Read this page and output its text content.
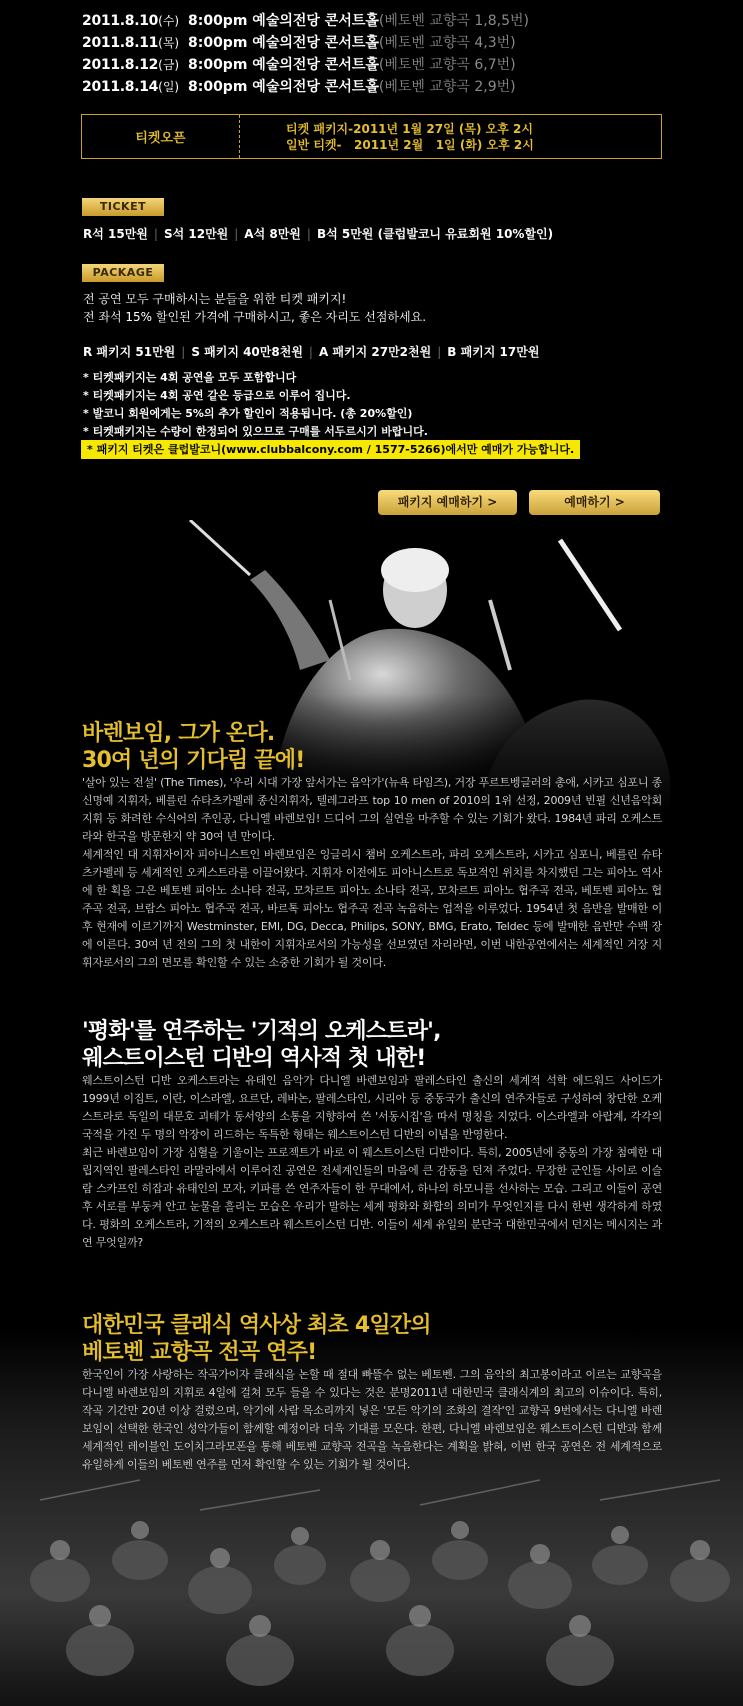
2011.8.10(수) 8:00pm 예술의전당 콘서트홀(베토벤 교향곡 1,8,5번)
2011.8.11(목) 8:00pm 예술의전당 콘서트홀(베토벤 교향곡 4,3번)
2011.8.12(금) 8:00pm 예술의전당 콘서트홀(베토벤 교향곡 6,7번)
2011.8.14(일) 8:00pm 예술의전당 콘서트홀(베토벤 교향곡 2,9번)
티켓오픈
티켓 패키지-2011년 1월 27일 (목) 오후 2시
일반 티켓-   2011년 2월   1일 (화) 오후 2시
TICKET
R석 15만원 | S석 12만원 | A석 8만원 | B석 5만원 (클럽발코니 유료회원 10%할인)
PACKAGE
전 공연 모두 구매하시는 분들을 위한 티켓 패키지!
전 좌석 15% 할인된 가격에 구매하시고, 좋은 자리도 선점하세요.
R 패키지 51만원 | S 패키지 40만8천원 | A 패키지 27만2천원 | B 패키지 17만원
* 티켓패키지는 4회 공연을 모두 포함합니다
* 티켓패키지는 4회 공연 같은 등급으로 이루어 집니다.
* 발코니 회원에게는 5%의 추가 할인이 적용됩니다. (총 20%할인)
* 티켓패키지는 수량이 한정되어 있으므로 구매를 서두르시기 바랍니다.
* 패키지 티켓은 클럽발코니(www.clubbalcony.com / 1577-5266)에서만 예매가 가능합니다.
패키지 예매하기 >	예매하기 >
바렌보임, 그가 온다.
30여 년의 기다림 끝에!

'살아 있는 전설' (The Times), '우리 시대 가장 앞서가는 음악가'(뉴욕 타임즈), 거장 푸르트벵글러의 총애, 시카고 심포니 종신명예 지휘자, 베를린 슈타츠카펠레 종신지휘자, 텔레그라프 top 10 men of 2010의 1위 선정, 2009년 빈필 신년음악회 지휘 등 화려한 수식어의 주인공, 다니엘 바렌보임! 드디어 그의 실연을 마주할 수 있는 기회가 왔다. 1984년 파리 오케스트라와 한국을 방문한지 약 30여 년 만이다.

세계적인 대 지휘자이자 피아니스트인 바렌보임은 잉글리시 챔버 오케스트라, 파리 오케스트라, 시카고 심포니, 베를린 슈타츠카펠레 등 세계적인 오케스트라를 이끌어왔다. 지휘자 이전에도 피아니스트로 독보적인 위치를 차지했던 그는 피아노 역사에 한 획을 그은 베토벤 피아노 소나타 전곡, 모차르트 피아노 소나타 전곡, 모차르트 피아노 협주곡 전곡, 베토벤 피아노 협주곡 전곡, 브람스 피아노 협주곡 전곡, 바르톡 피아노 협주곡 전곡 녹음하는 업적을 이루었다. 1954년 첫 음반을 발매한 이후 현재에 이르기까지 Westminster, EMI, DG, Decca, Philips, SONY, BMG, Erato, Teldec 등에 발매한 음반만 수백 장에 이른다. 30여 년 전의 그의 첫 내한이 지휘자로서의 가능성을 선보였던 자리라면, 이번 내한공연에서는 세계적인 거장 지휘자로서의 그의 면모를 확인할 수 있는 소중한 기회가 될 것이다.

'평화'를 연주하는 '기적의 오케스트라',
웨스트이스턴 디반의 역사적 첫 내한!

웨스트이스턴 디반 오케스트라는 유태인 음악가 다니엘 바렌보임과 팔레스타인 출신의 세계적 석학 에드워드 사이드가 1999년 이집트, 이란, 이스라엘, 요르단, 레바논, 팔레스타인, 시리아 등 중동국가 출신의 연주자들로 구성하여 창단한 오케스트라로 독일의 대문호 괴테가 동서양의 소통을 지향하여 쓴 '서동시집'을 따서 명칭을 지었다. 이스라엘과 아랍계, 각각의 국적을 가진 두 명의 악장이 리드하는 독특한 형태는 웨스트이스턴 디반의 이념을 반영한다.

최근 바렌보임이 가장 심혈을 기울이는 프로젝트가 바로 이 웨스트이스턴 디반이다. 특히, 2005년에 중동의 가장 첨예한 대립지역인 팔레스타인 라말라에서 이루어진 공연은 전세계인들의 마음에 큰 감동을 던져 주었다. 무장한 군인들 사이로 이슬람 스카프인 히잡과 유태인의 모자, 키파를 쓴 연주자들이 한 무대에서, 하나의 하모니를 선사하는 모습. 그리고 이들이 공연 후 서로를 부둥켜 안고 눈물을 흘리는 모습은 우리가 말하는 세계 평화와 화합의 의미가 무엇인지를 다시 한번 생각하게 하였다. 평화의 오케스트라, 기적의 오케스트라 웨스트이스턴 디반. 이들이 세계 유일의 분단국 대한민국에서 던지는 메시지는 과연 무엇일까?

대한민국 클래식 역사상 최초 4일간의
베토벤 교향곡 전곡 연주!

한국인이 가장 사랑하는 작곡가이자 클래식을 논할 때 절대 빠뜰수 없는 베토벤. 그의 음악의 최고봉이라고 이르는 교향곡을 다니엘 바렌보임의 지휘로 4일에 걸쳐 모두 들을 수 있다는 것은 분명2011년 대한민국 클래식계의 최고의 이슈이다. 특히, 작곡 기간만 20년 이상 걸렸으며, 악기에 사람 목소리까지 넣은 '모든 악기의 조화의 결작'인 교향곡 9번에서는 다니엘 바렌보임이 선택한 한국인 성악가들이 함께할 예정이라 더욱 기대를 모은다. 한편, 다니엘 바렌보임은 웨스트이스턴 디반과 함께 세계적인 레이블인 도이치그라모폰을 통해 베토벤 교향곡 전곡을 녹음한다는 계획을 밝혀, 이번 한국 공연은 전 세계적으로 유일하게 이들의 베토벤 연주를 먼저 확인할 수 있는 기회가 될 것이다.
